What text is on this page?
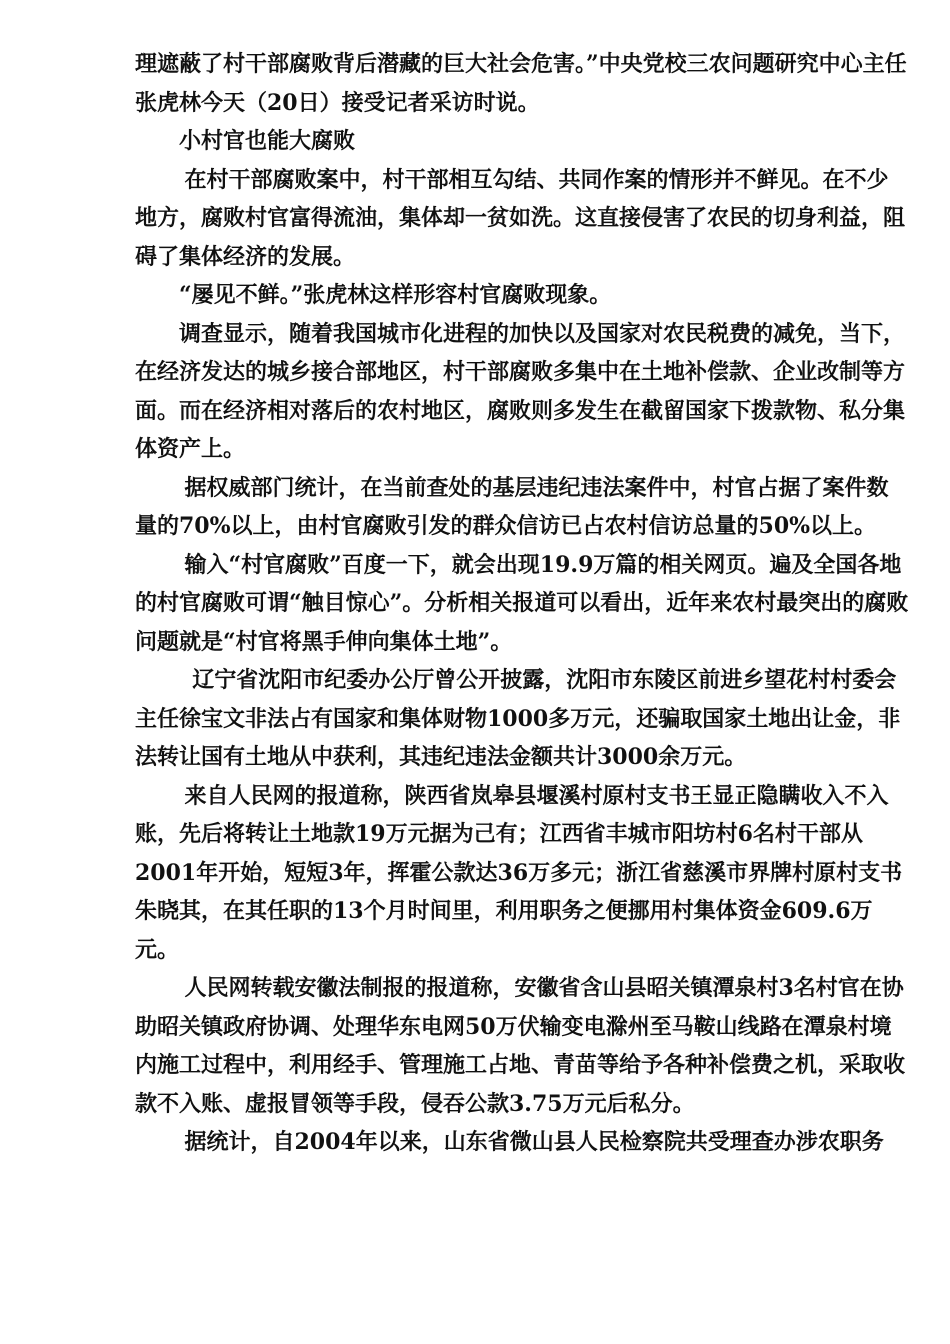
理遮蔽了村干部腐败背后潜藏的巨大社会危害。”中央党校三农问题研究中心主任张虎林今天（20日）接受记者采访时说。

小村官也能大腐败

在村干部腐败案中，村干部相互勾结、共同作案的情形并不鲜见。在不少地方，腐败村官富得流油，集体却一贫如洗。这直接侵害了农民的切身利益，阻碍了集体经济的发展。

“屡见不鲜。”张虎林这样形容村官腐败现象。

调查显示，随着我国城市化进程的加快以及国家对农民税费的减免，当下，在经济发达的城乡接合部地区，村干部腐败多集中在土地补偿款、企业改制等方面。而在经济相对落后的农村地区，腐败则多发生在截留国家下拨款物、私分集体资产上。

据权威部门统计，在当前查处的基层违纪违法案件中，村官占据了案件数量的70%以上，由村官腐败引发的群众信访已占农村信访总量的50%以上。

输入“村官腐败”百度一下，就会出现19.9万篇的相关网页。遍及全国各地的村官腐败可谓“触目惊心”。分析相关报道可以看出，近年来农村最突出的腐败问题就是“村官将黑手伸向集体土地”。

辽宁省沈阳市纪委办公厅曾公开披露，沈阳市东陵区前进乡望花村村委会主任徐宝文非法占有国家和集体财物1000多万元，还骗取国家土地出让金，非法转让国有土地从中获利，其违纪违法金额共计3000余万元。

来自人民网的报道称，陕西省岚皋县堰溪村原村支书王显正隐瞒收入不入账，先后将转让土地款19万元据为己有；江西省丰城市阳坊村6名村干部从2001年开始，短短3年，挥霍公款达36万多元；浙江省慈溪市界牌村原村支书朱晓其，在其任职的13个月时间里，利用职务之便挪用村集体资金609.6万元。

人民网转载安徽法制报的报道称，安徽省含山县昭关镇潭泉村3名村官在协助昭关镇政府协调、处理华东电网50万伏输变电滁州至马鞍山线路在潭泉村境内施工过程中，利用经手、管理施工占地、青苗等给予各种补偿费之机，采取收款不入账、虚报冒领等手段，侵吞公款3.75万元后私分。

据统计，自2004年以来，山东省微山县人民检察院共受理查办涉农职务
